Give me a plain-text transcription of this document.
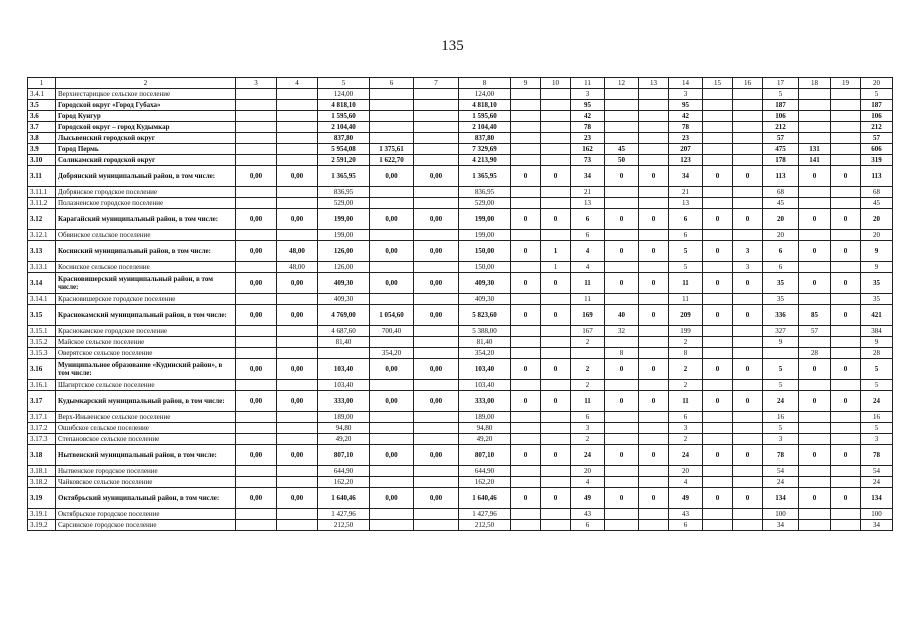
135
1	2	3	4	5	6	7	8	9	10	11	12	13	14	15	16	17	18	19	20
3.4.1	Верхнестарицкое сельское поселение			124,00			124,00			3			3			5			5
3.5	Городской округ «Город Губаха»			4 818,10			4 818,10			95			95			187			187
3.6	Город Кунгур			1 595,60			1 595,60			42			42			106			106
3.7	Городской округ – город Кудымкар			2 104,40			2 104,40			78			78			212			212
3.8	Лысьвенский городской округ			837,80			837,80			23			23			57			57
3.9	Город Пермь			5 954,08	1 375,61		7 329,69			162	45		207			475	131		606
3.10	Соликамский городской округ			2 591,20	1 622,70		4 213,90			73	50		123			178	141		319
3.11	Добрянский муниципальный район, в том числе:	0,00	0,00	1 365,95	0,00	0,00	1 365,95	0	0	34	0	0	34	0	0	113	0	0	113
3.11.1	Добрянское городское поселение			836,95			836,95			21			21			68			68
3.11.2	Полазненское городское поселение			529,00			529,00			13			13			45			45
3.12	Карагайский муниципальный район, в том числе:	0,00	0,00	199,00	0,00	0,00	199,00	0	0	6	0	0	6	0	0	20	0	0	20
3.12.1	Обвинское сельское поселение			199,00			199,00			6			6			20			20
3.13	Косинский муниципальный район, в том числе:	0,00	48,00	126,00	0,00	0,00	150,00	0	1	4	0	0	5	0	3	6	0	0	9
3.13.1	Косинское сельское поселение		48,00	126,00			150,00		1	4			5		3	6			9
3.14	Красновишерский муниципальный район, в том числе:	0,00	0,00	409,30	0,00	0,00	409,30	0	0	11	0	0	11	0	0	35	0	0	35
3.14.1	Красновишерское городское поселение			409,30			409,30			11			11			35			35
3.15	Краснокамский муниципальный район, в том числе:	0,00	0,00	4 769,00	1 054,60	0,00	5 823,60	0	0	169	40	0	209	0	0	336	85	0	421
3.15.1	Краснокамское городское поселение			4 687,60	700,40		5 388,00			167	32		199			327	57		384
3.15.2	Майское сельское поселение			81,40			81,40			2			2			9			9
3.15.3	Оверятское сельское поселение				354,20		354,20				8		8				28		28
3.16	Муниципальное образование «Кудинский район», в том числе:	0,00	0,00	103,40	0,00	0,00	103,40	0	0	2	0	0	2	0	0	5	0	0	5
3.16.1	Шагиртское сельское поселение			103,40			103,40			2			2			5			5
3.17	Кудымкарский муниципальный район, в том числе:	0,00	0,00	333,00	0,00	0,00	333,00	0	0	11	0	0	11	0	0	24	0	0	24
3.17.1	Верх-Иньвенское сельское поселение			189,00			189,00			6			6			16			16
3.17.2	Ошибское сельское поселение			94,80			94,80			3			3			5			5
3.17.3	Степановское сельское поселение			49,20			49,20			2			2			3			3
3.18	Нытвенский муниципальный район, в том числе:	0,00	0,00	807,10	0,00	0,00	807,10	0	0	24	0	0	24	0	0	78	0	0	78
3.18.1	Нытвенское городское поселение			644,90			644,90			20			20			54			54
3.18.2	Чайковское сельское поселение			162,20			162,20			4			4			24			24
3.19	Октябрьский муниципальный район, в том числе:	0,00	0,00	1 640,46	0,00	0,00	1 640,46	0	0	49	0	0	49	0	0	134	0	0	134
3.19.1	Октябрьское городское поселение			1 427,96			1 427,96			43			43			100			100
3.19.2	Сарсинское городское поселение			212,50			212,50			6			6			34			34
